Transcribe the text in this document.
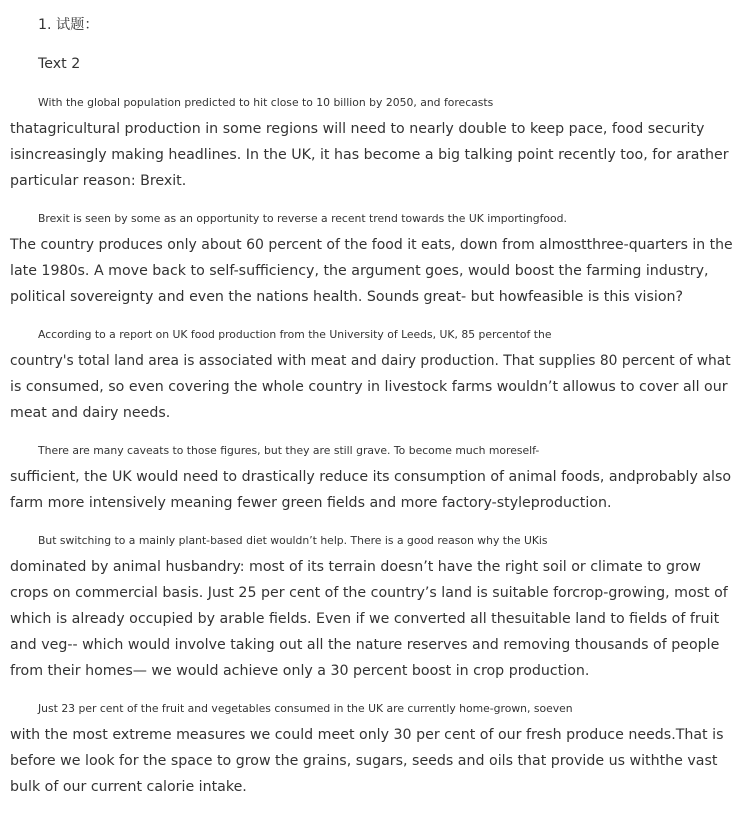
1. 试题：

Text 2

With the global population predicted to hit close to 10 billion by 2050, and forecasts
thatagricultural production in some regions will need to nearly double to keep pace, food security
isincreasingly making headlines. In the UK, it has become a big talking point recently too, for arather
particular reason: Brexit.

Brexit is seen by some as an opportunity to reverse a recent trend towards the UK importingfood.
The country produces only about 60 percent of the food it eats, down from almostthree-quarters in the
late 1980s. A move back to self-sufficiency, the argument goes, would boost the farming industry,
political sovereignty and even the nations health. Sounds great- but howfeasible is this vision?

According to a report on UK food production from the University of Leeds, UK, 85 percentof the
country's total land area is associated with meat and dairy production. That supplies 80 percent of what
is consumed, so even covering the whole country in livestock farms wouldn’t allowus to cover all our
meat and dairy needs.

There are many caveats to those figures, but they are still grave. To become much moreself-
sufficient, the UK would need to drastically reduce its consumption of animal foods, andprobably also
farm more intensively meaning fewer green fields and more factory-styleproduction.

But switching to a mainly plant-based diet wouldn’t help. There is a good reason why the UKis
dominated by animal husbandry: most of its terrain doesn’t have the right soil or climate to grow
crops on commercial basis. Just 25 per cent of the country’s land is suitable forcrop-growing, most of
which is already occupied by arable fields. Even if we converted all thesuitable land to fields of fruit
and veg-- which would involve taking out all the nature reserves and removing thousands of people
from their homes— we would achieve only a 30 percent boost in crop production.

Just 23 per cent of the fruit and vegetables consumed in the UK are currently home-grown, soeven
with the most extreme measures we could meet only 30 per cent of our fresh produce needs.That is
before we look for the space to grow the grains, sugars, seeds and oils that provide us withthe vast
bulk of our current calorie intake.
